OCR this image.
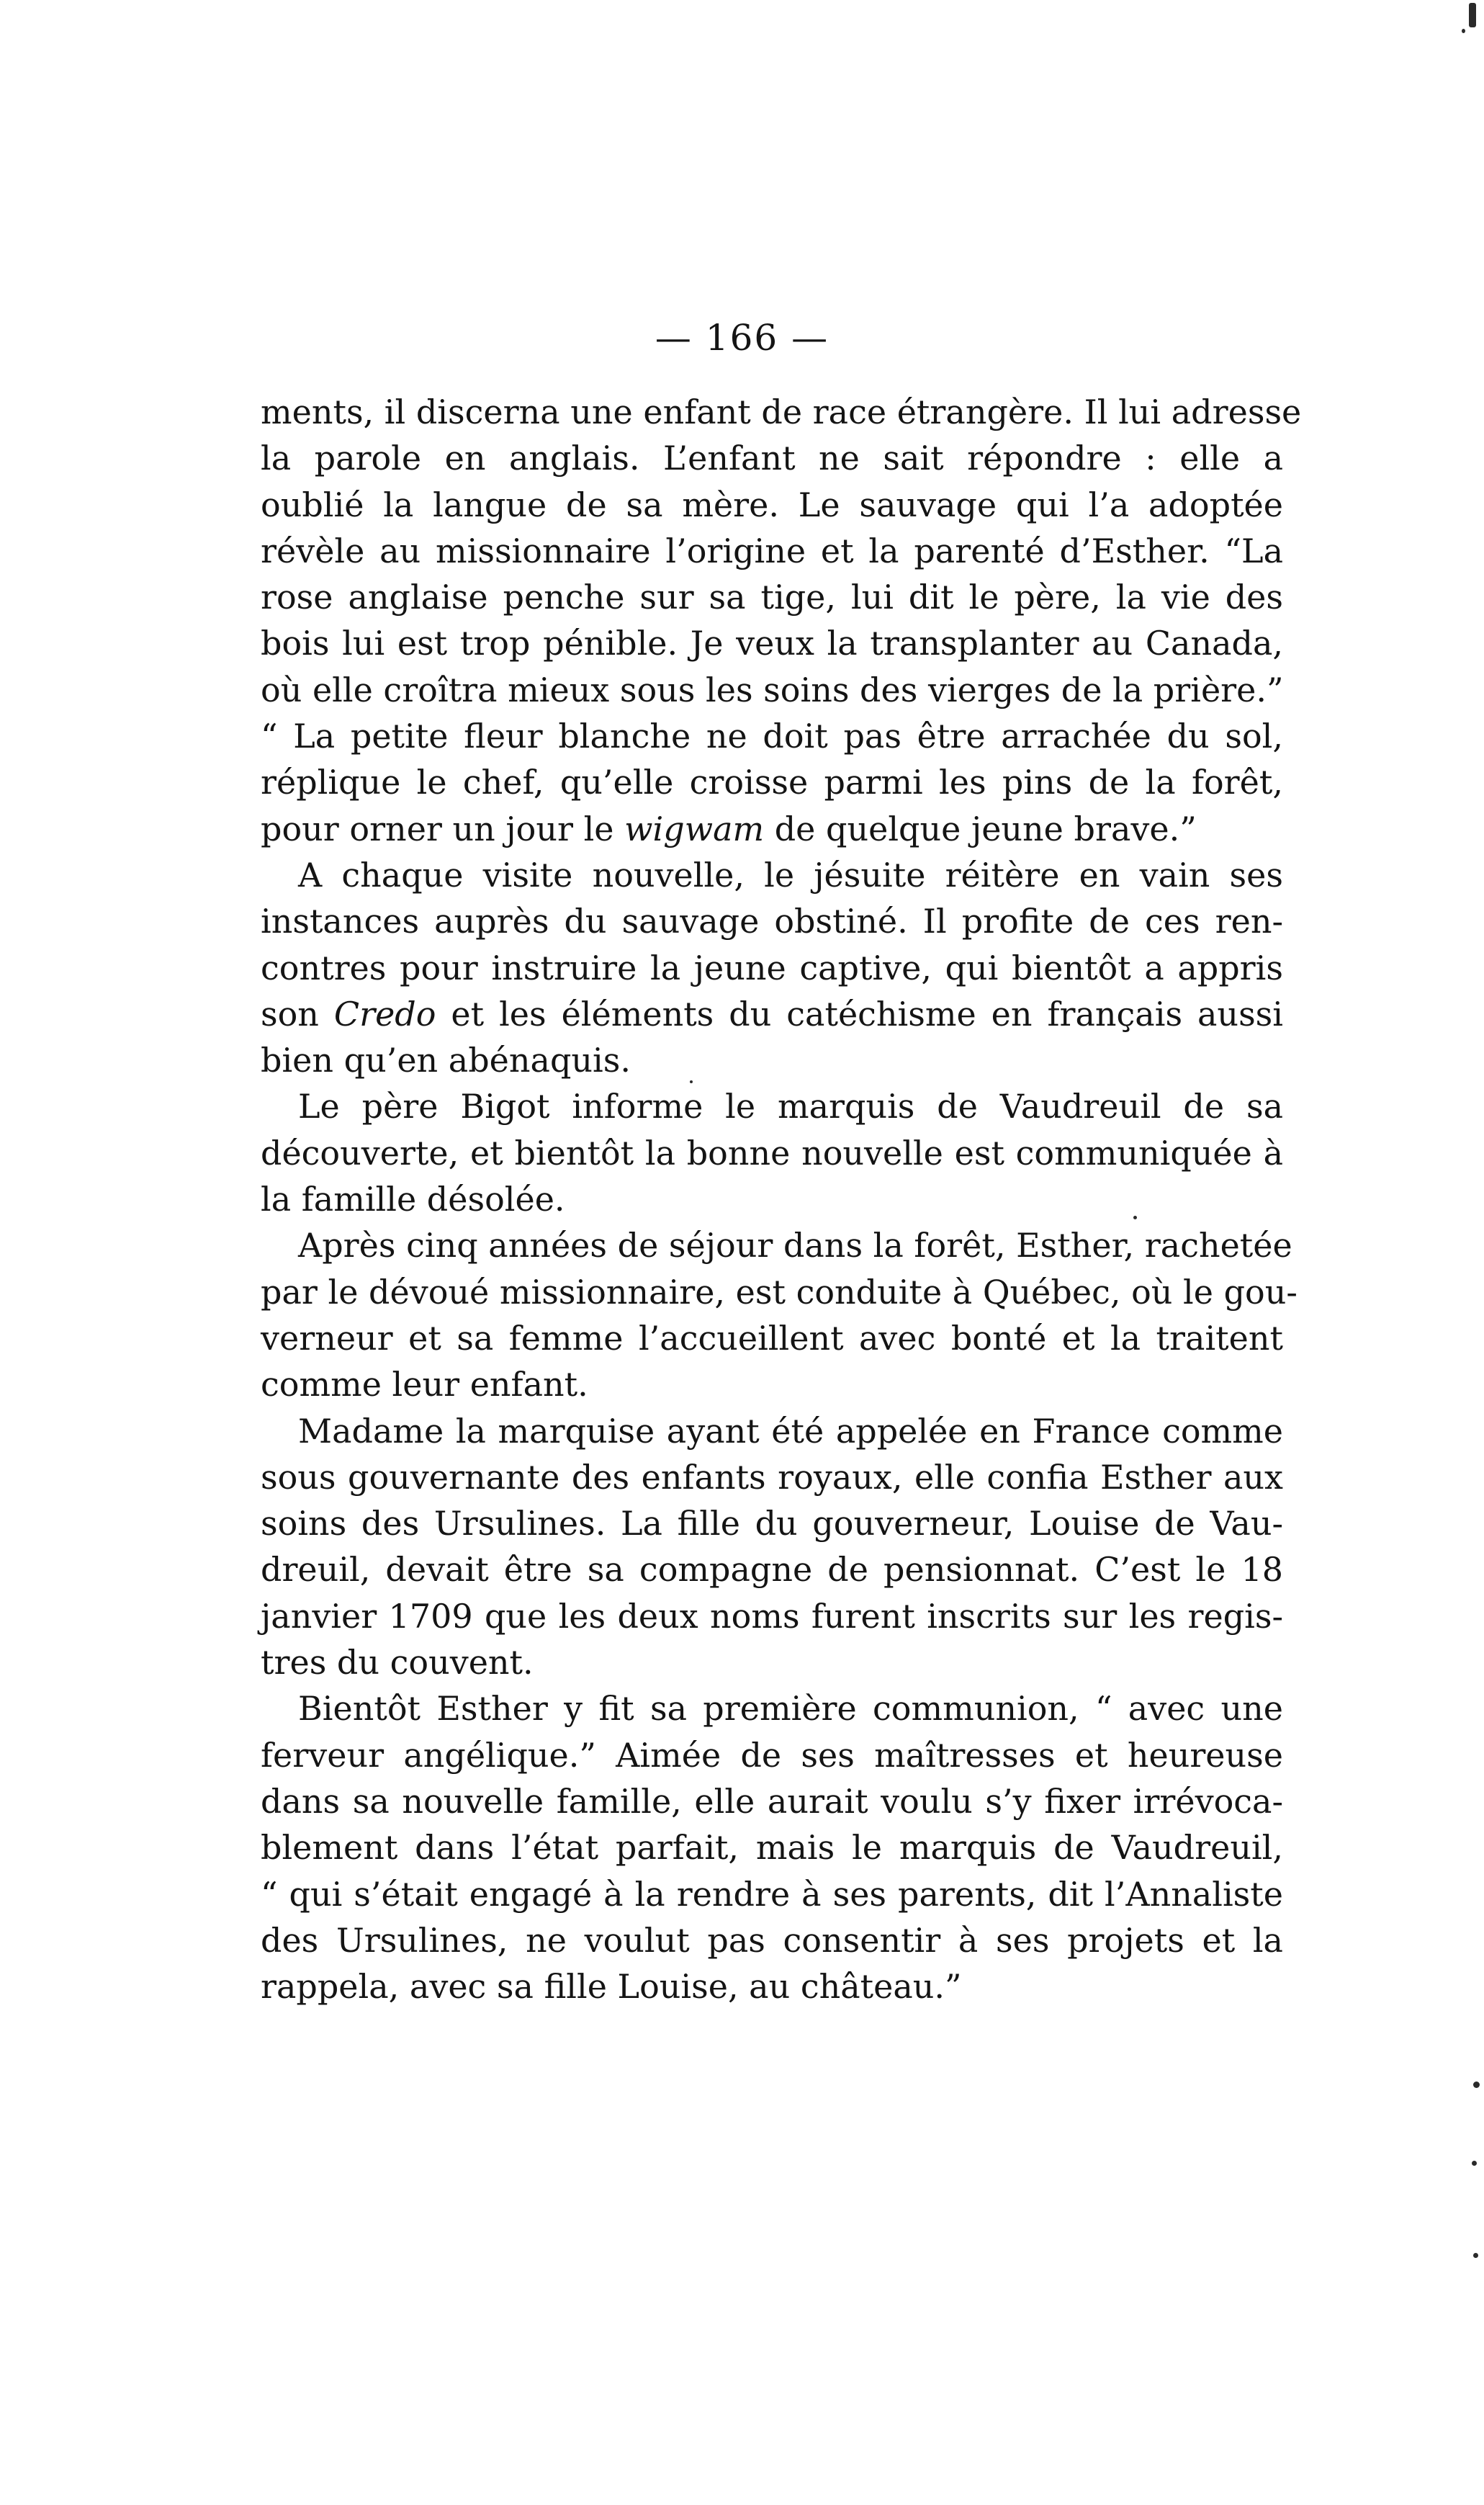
— 166 —
ments, il discerna une enfant de race étrangère. Il lui adresse
la parole en anglais. L’enfant ne sait répondre : elle a
oublié la langue de sa mère. Le sauvage qui l’a adoptée
révèle au missionnaire l’origine et la parenté d’Esther. “La
rose anglaise penche sur sa tige, lui dit le père, la vie des
bois lui est trop pénible. Je veux la transplanter au Canada,
où elle croîtra mieux sous les soins des vierges de la prière.”
“ La petite fleur blanche ne doit pas être arrachée du sol,
réplique le chef, qu’elle croisse parmi les pins de la forêt,
pour orner un jour le wigwam de quelque jeune brave.”
A chaque visite nouvelle, le jésuite réitère en vain ses
instances auprès du sauvage obstiné. Il profite de ces ren-
contres pour instruire la jeune captive, qui bientôt a appris
son Credo et les éléments du catéchisme en français aussi
bien qu’en abénaquis.
Le père Bigot informe le marquis de Vaudreuil de sa
découverte, et bientôt la bonne nouvelle est communiquée à
la famille désolée.
Après cinq années de séjour dans la forêt, Esther, rachetée
par le dévoué missionnaire, est conduite à Québec, où le gou-
verneur et sa femme l’accueillent avec bonté et la traitent
comme leur enfant.
Madame la marquise ayant été appelée en France comme
sous gouvernante des enfants royaux, elle confia Esther aux
soins des Ursulines. La fille du gouverneur, Louise de Vau-
dreuil, devait être sa compagne de pensionnat. C’est le 18
janvier 1709 que les deux noms furent inscrits sur les regis-
tres du couvent.
Bientôt Esther y fit sa première communion, “ avec une
ferveur angélique.” Aimée de ses maîtresses et heureuse
dans sa nouvelle famille, elle aurait voulu s’y fixer irrévoca-
blement dans l’état parfait, mais le marquis de Vaudreuil,
“ qui s’était engagé à la rendre à ses parents, dit l’Annaliste
des Ursulines, ne voulut pas consentir à ses projets et la
rappela, avec sa fille Louise, au château.”
